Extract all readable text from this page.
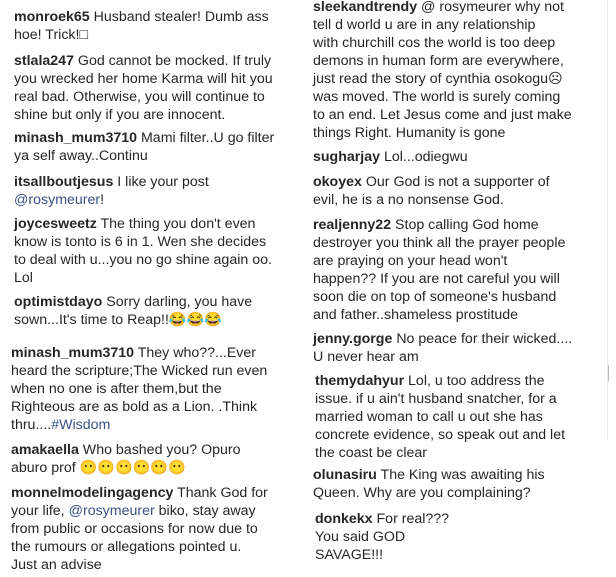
monroek65 Husband stealer! Dumb ass
hoe! Trick!□
stlala247 God cannot be mocked. If truly
you wrecked her home Karma will hit you
real bad. Otherwise, you will continue to
shine but only if you are innocent.
minash_mum3710 Mami filter..U go filter
ya self away..Continu
itsallboutjesus I like your post
@rosymeurer!
joycesweetz The thing you don't even
know is tonto is 6 in 1. Wen she decides
to deal with u...you no go shine again oo.
Lol
optimistdayo Sorry darling, you have
sown...It's time to Reap!!😂😂😂
minash_mum3710 They who??...Ever
heard the scripture;The Wicked run even
when no one is after them,but the
Righteous are as bold as a Lion. .Think
thru....#Wisdom
amakaella Who bashed you? Opuro
aburo prof 😶😶😶😶😶😶
monnelmodelingagency Thank God for
your life, @rosymeurer biko, stay away
from public or occasions for now due to
the rumours or allegations pointed u.
Just an advise
sleekandtrendy @ rosymeurer why not
tell d world u are in any relationship
with churchill cos the world is too deep
demons in human form are everywhere,
just read the story of cynthia osokogu☹
was moved. The world is surely coming
to an end. Let Jesus come and just make
things Right. Humanity is gone
sugharjay Lol...odiegwu
okoyex Our God is not a supporter of
evil, he is a no nonsense God.
realjenny22 Stop calling God home
destroyer you think all the prayer people
are praying on your head won't
happen?? If you are not careful you will
soon die on top of someone's husband
and father..shameless prostitude
jenny.gorge No peace for their wicked....
U never hear am
themydahyur Lol, u too address the
issue. if u ain't husband snatcher, for a
married woman to call u out she has
concrete evidence, so speak out and let
the coast be clear
olunasiru The King was awaiting his
Queen. Why are you complaining?
donkekx For real???
You said GOD
SAVAGE!!!
